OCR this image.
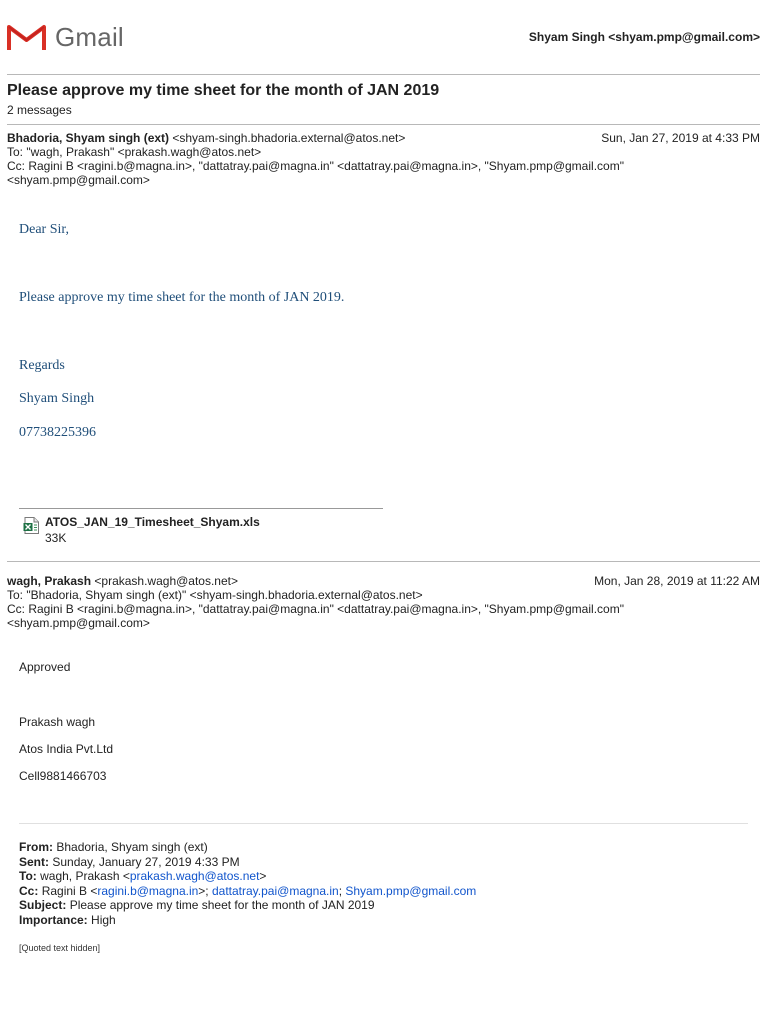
Gmail	Shyam Singh <shyam.pmp@gmail.com>
Please approve my time sheet for the month of JAN 2019
2 messages
Bhadoria, Shyam singh (ext) <shyam-singh.bhadoria.external@atos.net>	Sun, Jan 27, 2019 at 4:33 PM
To: "wagh, Prakash" <prakash.wagh@atos.net>
Cc: Ragini B <ragini.b@magna.in>, "dattatray.pai@magna.in" <dattatray.pai@magna.in>, "Shyam.pmp@gmail.com"
<shyam.pmp@gmail.com>
Dear Sir,
Please approve my time sheet for the month of JAN 2019.
Regards
Shyam Singh
07738225396
ATOS_JAN_19_Timesheet_Shyam.xls
33K
wagh, Prakash <prakash.wagh@atos.net>	Mon, Jan 28, 2019 at 11:22 AM
To: "Bhadoria, Shyam singh (ext)" <shyam-singh.bhadoria.external@atos.net>
Cc: Ragini B <ragini.b@magna.in>, "dattatray.pai@magna.in" <dattatray.pai@magna.in>, "Shyam.pmp@gmail.com"
<shyam.pmp@gmail.com>
Approved
Prakash wagh
Atos India Pvt.Ltd
Cell9881466703
From: Bhadoria, Shyam singh (ext)
Sent: Sunday, January 27, 2019 4:33 PM
To: wagh, Prakash <prakash.wagh@atos.net>
Cc: Ragini B <ragini.b@magna.in>; dattatray.pai@magna.in; Shyam.pmp@gmail.com
Subject: Please approve my time sheet for the month of JAN 2019
Importance: High
[Quoted text hidden]
